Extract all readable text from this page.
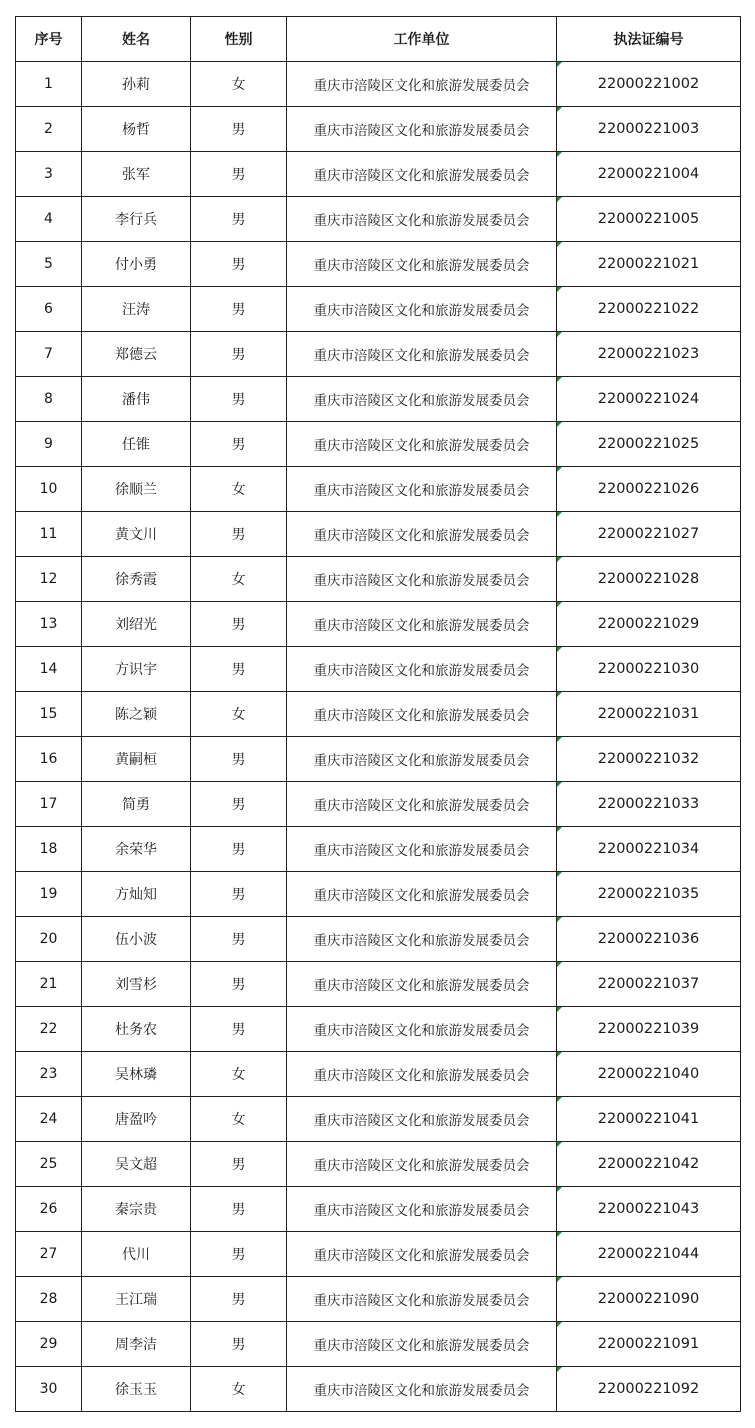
序号	姓名	性别	工作单位	执法证编号
1	孙莉	女	重庆市涪陵区文化和旅游发展委员会	22000221002
2	杨哲	男	重庆市涪陵区文化和旅游发展委员会	22000221003
3	张军	男	重庆市涪陵区文化和旅游发展委员会	22000221004
4	李行兵	男	重庆市涪陵区文化和旅游发展委员会	22000221005
5	付小勇	男	重庆市涪陵区文化和旅游发展委员会	22000221021
6	汪涛	男	重庆市涪陵区文化和旅游发展委员会	22000221022
7	郑德云	男	重庆市涪陵区文化和旅游发展委员会	22000221023
8	潘伟	男	重庆市涪陵区文化和旅游发展委员会	22000221024
9	任锥	男	重庆市涪陵区文化和旅游发展委员会	22000221025
10	徐顺兰	女	重庆市涪陵区文化和旅游发展委员会	22000221026
11	黄文川	男	重庆市涪陵区文化和旅游发展委员会	22000221027
12	徐秀霞	女	重庆市涪陵区文化和旅游发展委员会	22000221028
13	刘绍光	男	重庆市涪陵区文化和旅游发展委员会	22000221029
14	方识宇	男	重庆市涪陵区文化和旅游发展委员会	22000221030
15	陈之颖	女	重庆市涪陵区文化和旅游发展委员会	22000221031
16	黄嗣桓	男	重庆市涪陵区文化和旅游发展委员会	22000221032
17	简勇	男	重庆市涪陵区文化和旅游发展委员会	22000221033
18	余荣华	男	重庆市涪陵区文化和旅游发展委员会	22000221034
19	方灿知	男	重庆市涪陵区文化和旅游发展委员会	22000221035
20	伍小波	男	重庆市涪陵区文化和旅游发展委员会	22000221036
21	刘雪杉	男	重庆市涪陵区文化和旅游发展委员会	22000221037
22	杜务农	男	重庆市涪陵区文化和旅游发展委员会	22000221039
23	吴林璘	女	重庆市涪陵区文化和旅游发展委员会	22000221040
24	唐盈吟	女	重庆市涪陵区文化和旅游发展委员会	22000221041
25	吴文超	男	重庆市涪陵区文化和旅游发展委员会	22000221042
26	秦宗贵	男	重庆市涪陵区文化和旅游发展委员会	22000221043
27	代川	男	重庆市涪陵区文化和旅游发展委员会	22000221044
28	王江瑞	男	重庆市涪陵区文化和旅游发展委员会	22000221090
29	周李洁	男	重庆市涪陵区文化和旅游发展委员会	22000221091
30	徐玉玉	女	重庆市涪陵区文化和旅游发展委员会	22000221092
